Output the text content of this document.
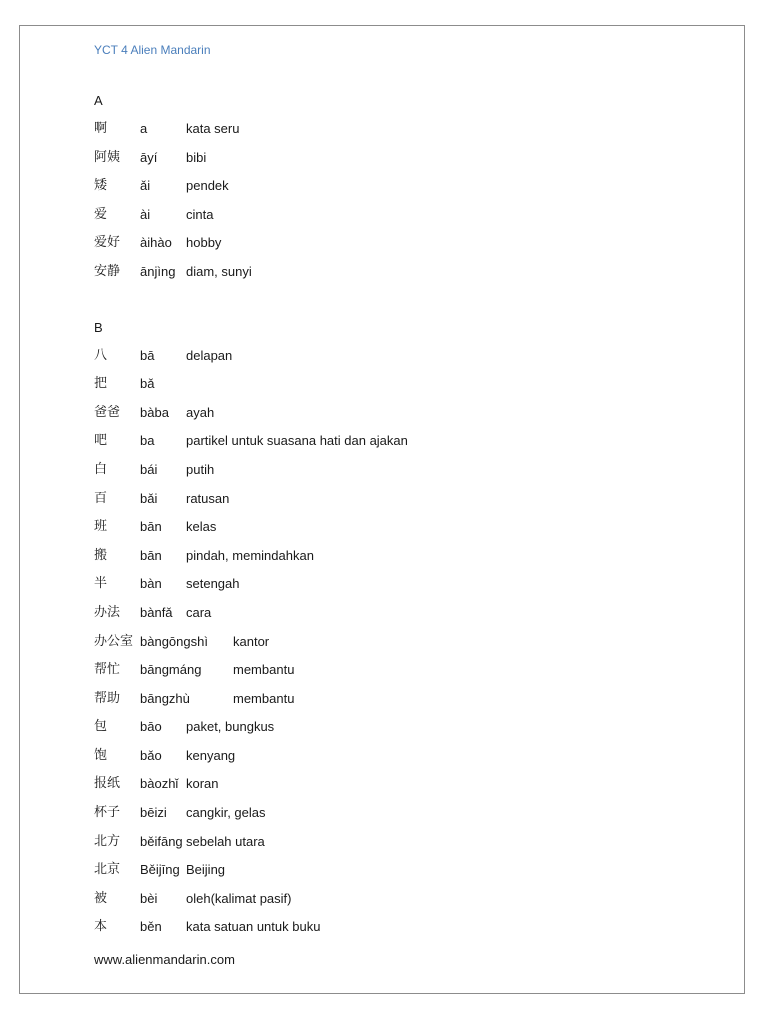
YCT 4 Alien Mandarin
A
啊	a	kata seru
阿姨 āyí bibi
矮	ǎi	pendek
爱	ài	cinta
爱好 àihào hobby
安静 ānjìng diam, sunyi
B
八	bā delapan
把	bǎ
爸爸 bàba ayah
吧	ba partikel untuk suasana hati dan ajakan
白	bái putih
百	bǎi ratusan
班	bān kelas
搬	bān pindah, memindahkan
半	bàn setengah
办法 bànfǎ cara
办公室 bàngōngshì kantor
帮忙 bāngmáng membantu
帮助 bāngzhù	membantu
包	bāo paket, bungkus
饱	bǎo kenyang
报纸 bàozhǐ koran
杯子 bēizi cangkir, gelas
北方 běifāng sebelah utara
北京 Běijīng Beijing
被	bèi oleh(kalimat pasif)
本	běn kata satuan untuk buku
www.alienmandarin.com
